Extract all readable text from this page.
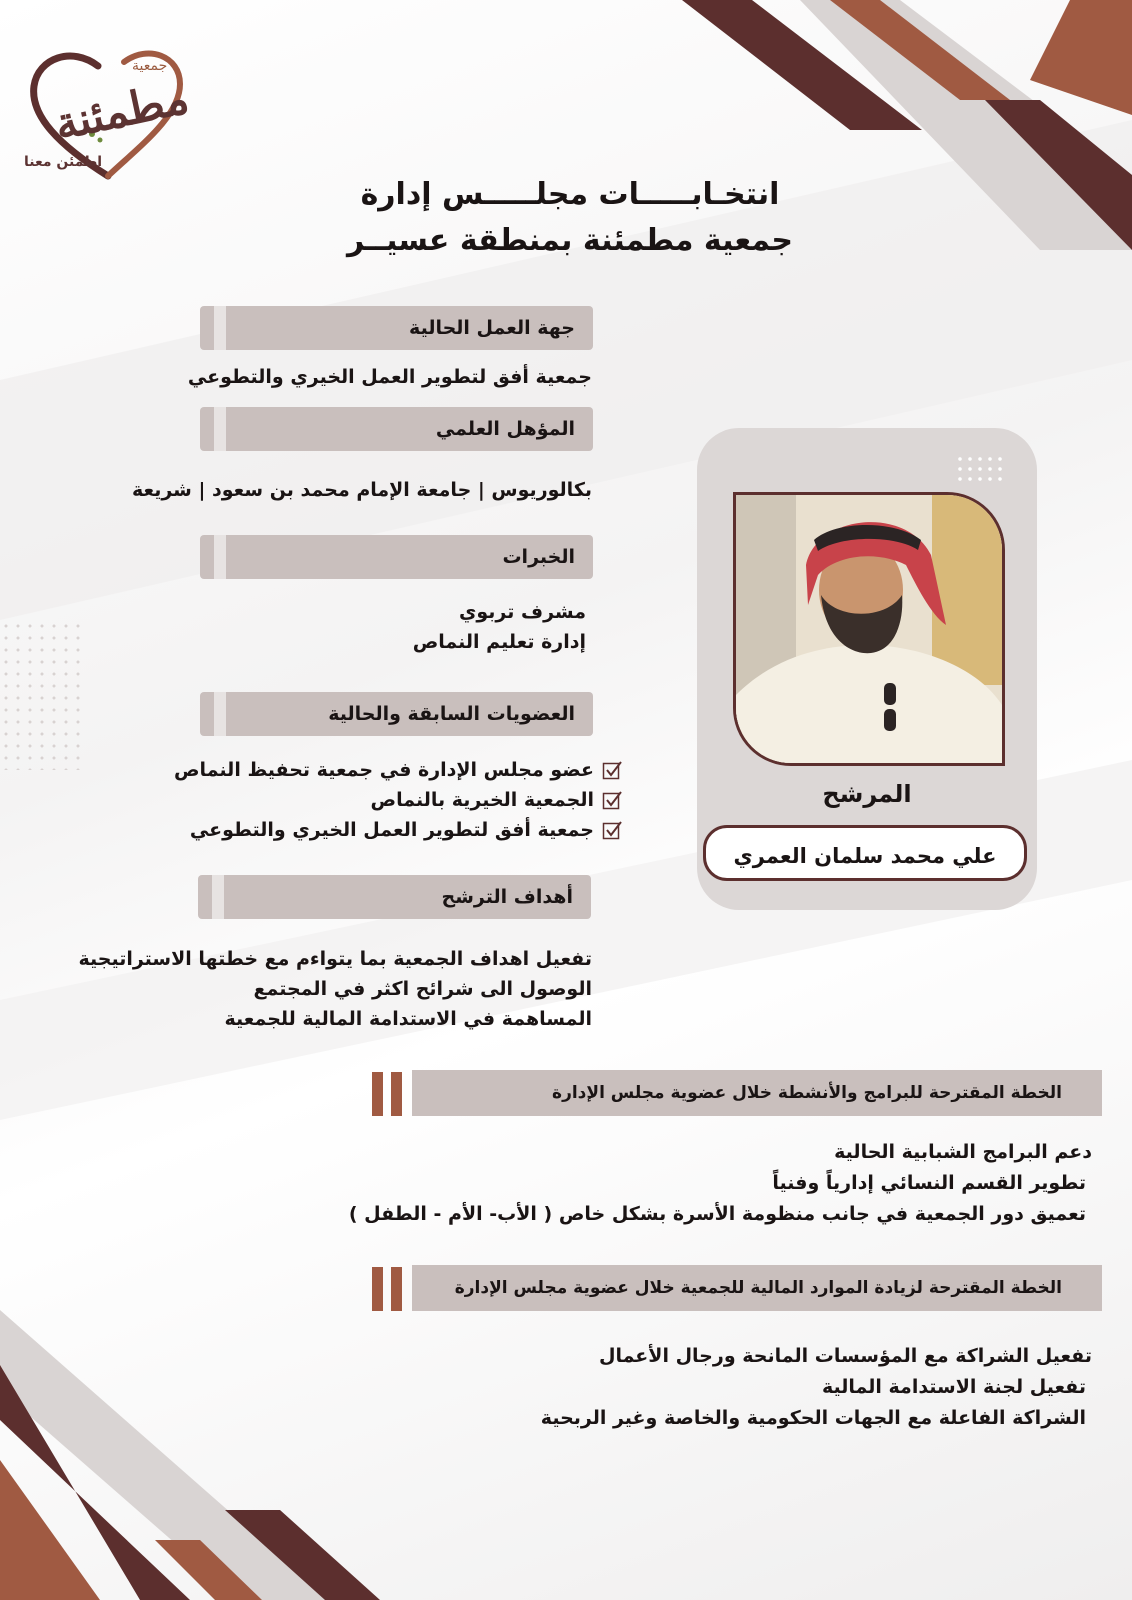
مطمئنة
جمعية
اطمئن معنا
انتخـابـــــات مجلـــــس إدارة
جمعية مطمئنة بمنطقة عسيــر
جهة العمل الحالية
جمعية أفق لتطوير العمل الخيري والتطوعي
المؤهل العلمي
بكالوريوس | جامعة الإمام محمد بن سعود | شريعة
الخبرات
مشرف تربوي
إدارة تعليم النماص
العضويات السابقة والحالية
عضو مجلس الإدارة في جمعية تحفيظ النماص
الجمعية الخيرية بالنماص
جمعية أفق لتطوير العمل الخيري والتطوعي
أهداف الترشح
تفعيل اهداف الجمعية بما يتواءم مع خطتها الاستراتيجية
الوصول الى شرائح اكثر في المجتمع
المساهمة في الاستدامة المالية للجمعية
المرشح
علي محمد سلمان العمري
الخطة المقترحة للبرامج والأنشطة خلال عضوية مجلس الإدارة
دعم البرامج الشبابية الحالية
تطوير القسم النسائي إدارياً وفنياً
تعميق دور الجمعية في جانب منظومة الأسرة بشكل خاص ( الأب- الأم - الطفل )
الخطة المقترحة لزيادة الموارد المالية للجمعية خلال عضوية مجلس الإدارة
تفعيل الشراكة مع المؤسسات المانحة ورجال الأعمال
تفعيل لجنة الاستدامة المالية
الشراكة الفاعلة مع الجهات الحكومية والخاصة وغير الربحية
